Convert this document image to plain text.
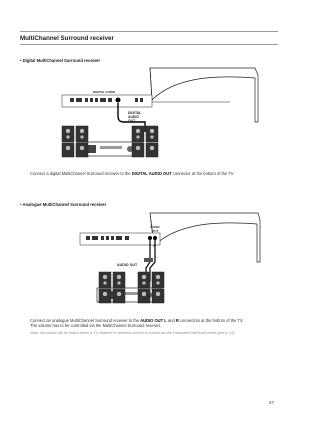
MultiChannel Surround receiver
• Digital MultiChannel Surround receiver
DIGITAL AUDIO
DIGITAL
AUDIO
OUT
Connect a digital MultiChannel Surround receiver to the DIGITAL AUDIO OUT connector at the bottom of the TV.
• Analogue MultiChannel Surround receiver
AUDIO
OUT
AUDIO OUT
Connect an analogue MultiChannel Surround receiver to the AUDIO OUT L and R connectors at the bottom of the TV.
The volume has to be controlled via the MultiChannel Surround receiver.
Note: No sound will be heard when a TV channel or external source is locked via the Features/Child lock menu (see p. 11).
27
